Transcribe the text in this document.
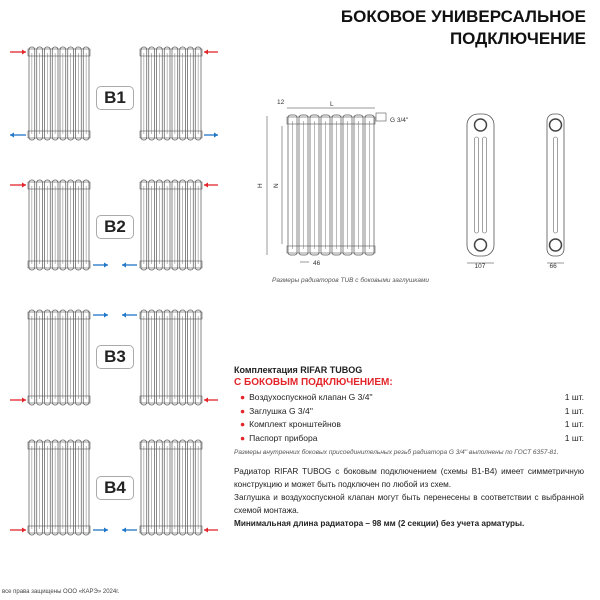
L
12
G 3/4''
H N
46	107	66
БОКОВОЕ УНИВЕРСАЛЬНОЕ
ПОДКЛЮЧЕНИЕ
B1
B2
B3
B4
Размеры радиаторов TUB с боковыми заглушками
Комплектация RIFAR TUBOG
С БОКОВЫМ ПОДКЛЮЧЕНИЕМ:
● Воздухоспускной клапан G 3/4''	1 шт.
● Заглушка G 3/4''	1 шт.
● Комплект кронштейнов	1 шт.
● Паспорт прибора	1 шт.
Размеры внутренних боковых присоединительных резьб радиатора G 3/4'' выполнены по ГОСТ 6357-81.
Радиатор RIFAR TUBOG с боковым подключением (схемы B1-B4) имеет симметричную конструкцию и может быть подключен по любой из схем.
Заглушка и воздухоспускной клапан могут быть перенесены в соответствии с выбранной схемой монтажа.
Минимальная длина радиатора – 98 мм (2 секции) без учета арматуры.
все права защищены ООО «КАРЭ» 2024г.
